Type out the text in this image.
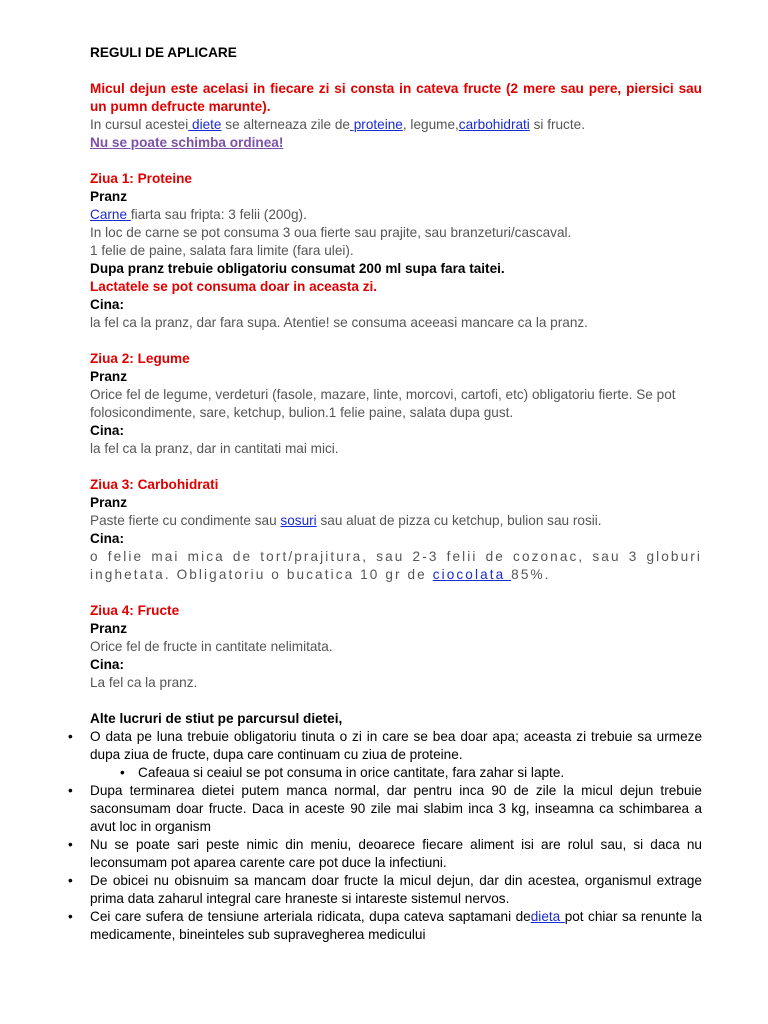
REGULI DE APLICARE

Micul dejun este acelasi in fiecare zi si consta in cateva fructe (2 mere sau pere, piersici sau un pumn defructe marunte).

In cursul acestei diete se alterneaza zile de proteine, legume,carbohidrati si fructe.

Nu se poate schimba ordinea!

Ziua 1: Proteine

Pranz

Carne fiarta sau fripta: 3 felii (200g).

In loc de carne se pot consuma 3 oua fierte sau prajite, sau branzeturi/cascaval.

1 felie de paine, salata fara limite (fara ulei).

Dupa pranz trebuie obligatoriu consumat 200 ml supa fara taitei.

Lactatele se pot consuma doar in aceasta zi.

Cina:

la fel ca la pranz, dar fara supa. Atentie! se consuma aceeasi mancare ca la pranz.

Ziua 2: Legume

Pranz

Orice fel de legume, verdeturi (fasole, mazare, linte, morcovi, cartofi, etc) obligatoriu fierte. Se pot folosicondimente, sare, ketchup, bulion.1 felie paine, salata dupa gust.

Cina:

la fel ca la pranz, dar in cantitati mai mici.

Ziua 3: Carbohidrati

Pranz

Paste fierte cu condimente sau sosuri sau aluat de pizza cu ketchup, bulion sau rosii.

Cina:

o felie mai mica de tort/prajitura, sau 2-3 felii de cozonac, sau 3 globuri inghetata. Obligatoriu o bucatica 10 gr de ciocolata 85%.

Ziua 4: Fructe

Pranz

Orice fel de fructe in cantitate nelimitata.

Cina:

La fel ca la pranz.

Alte lucruri de stiut pe parcursul dietei,

• O data pe luna trebuie obligatoriu tinuta o zi in care se bea doar apa; aceasta zi trebuie sa urmeze dupa ziua de fructe, dupa care continuam cu ziua de proteine.
• Cafeaua si ceaiul se pot consuma in orice cantitate, fara zahar si lapte.
• Dupa terminarea dietei putem manca normal, dar pentru inca 90 de zile la micul dejun trebuie saconsumam doar fructe. Daca in aceste 90 zile mai slabim inca 3 kg, inseamna ca schimbarea a avut loc in organism
• Nu se poate sari peste nimic din meniu, deoarece fiecare aliment isi are rolul sau, si daca nu leconsumam pot aparea carente care pot duce la infectiuni.
• De obicei nu obisnuim sa mancam doar fructe la micul dejun, dar din acestea, organismul extrage prima data zaharul integral care hraneste si intareste sistemul nervos.
• Cei care sufera de tensiune arteriala ridicata, dupa cateva saptamani dedieta pot chiar sa renunte la medicamente, bineinteles sub supravegherea medicului
